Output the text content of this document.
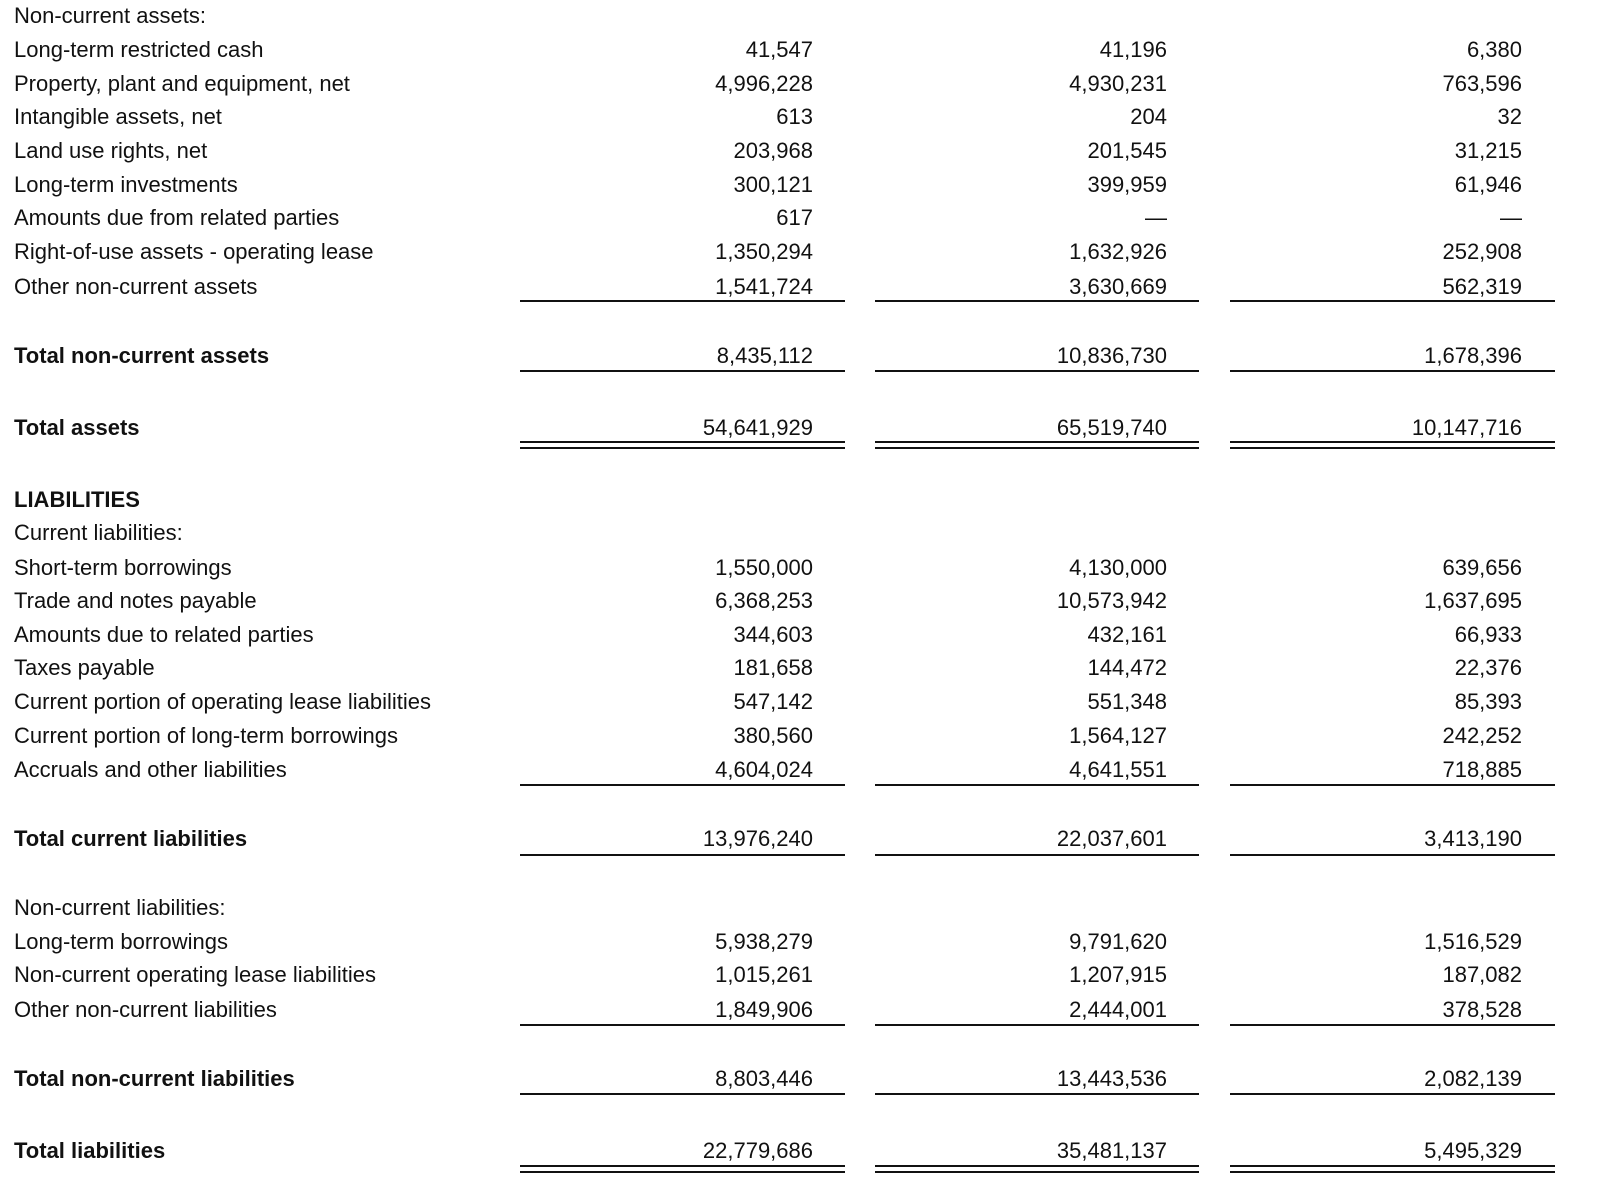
Non-current assets:
Long-term restricted cash	41,547	41,196	6,380
Property, plant and equipment, net	4,996,228	4,930,231	763,596
Intangible assets, net	613	204	32
Land use rights, net	203,968	201,545	31,215
Long-term investments	300,121	399,959	61,946
Amounts due from related parties	617	—	—
Right-of-use assets - operating lease	1,350,294	1,632,926	252,908
Other non-current assets	1,541,724	3,630,669	562,319
Total non-current assets	8,435,112	10,836,730	1,678,396
Total assets	54,641,929	65,519,740	10,147,716
LIABILITIES
Current liabilities:
Short-term borrowings	1,550,000	4,130,000	639,656
Trade and notes payable	6,368,253	10,573,942	1,637,695
Amounts due to related parties	344,603	432,161	66,933
Taxes payable	181,658	144,472	22,376
Current portion of operating lease liabilities	547,142	551,348	85,393
Current portion of long-term borrowings	380,560	1,564,127	242,252
Accruals and other liabilities	4,604,024	4,641,551	718,885
Total current liabilities	13,976,240	22,037,601	3,413,190
Non-current liabilities:
Long-term borrowings	5,938,279	9,791,620	1,516,529
Non-current operating lease liabilities	1,015,261	1,207,915	187,082
Other non-current liabilities	1,849,906	2,444,001	378,528
Total non-current liabilities	8,803,446	13,443,536	2,082,139
Total liabilities	22,779,686	35,481,137	5,495,329
